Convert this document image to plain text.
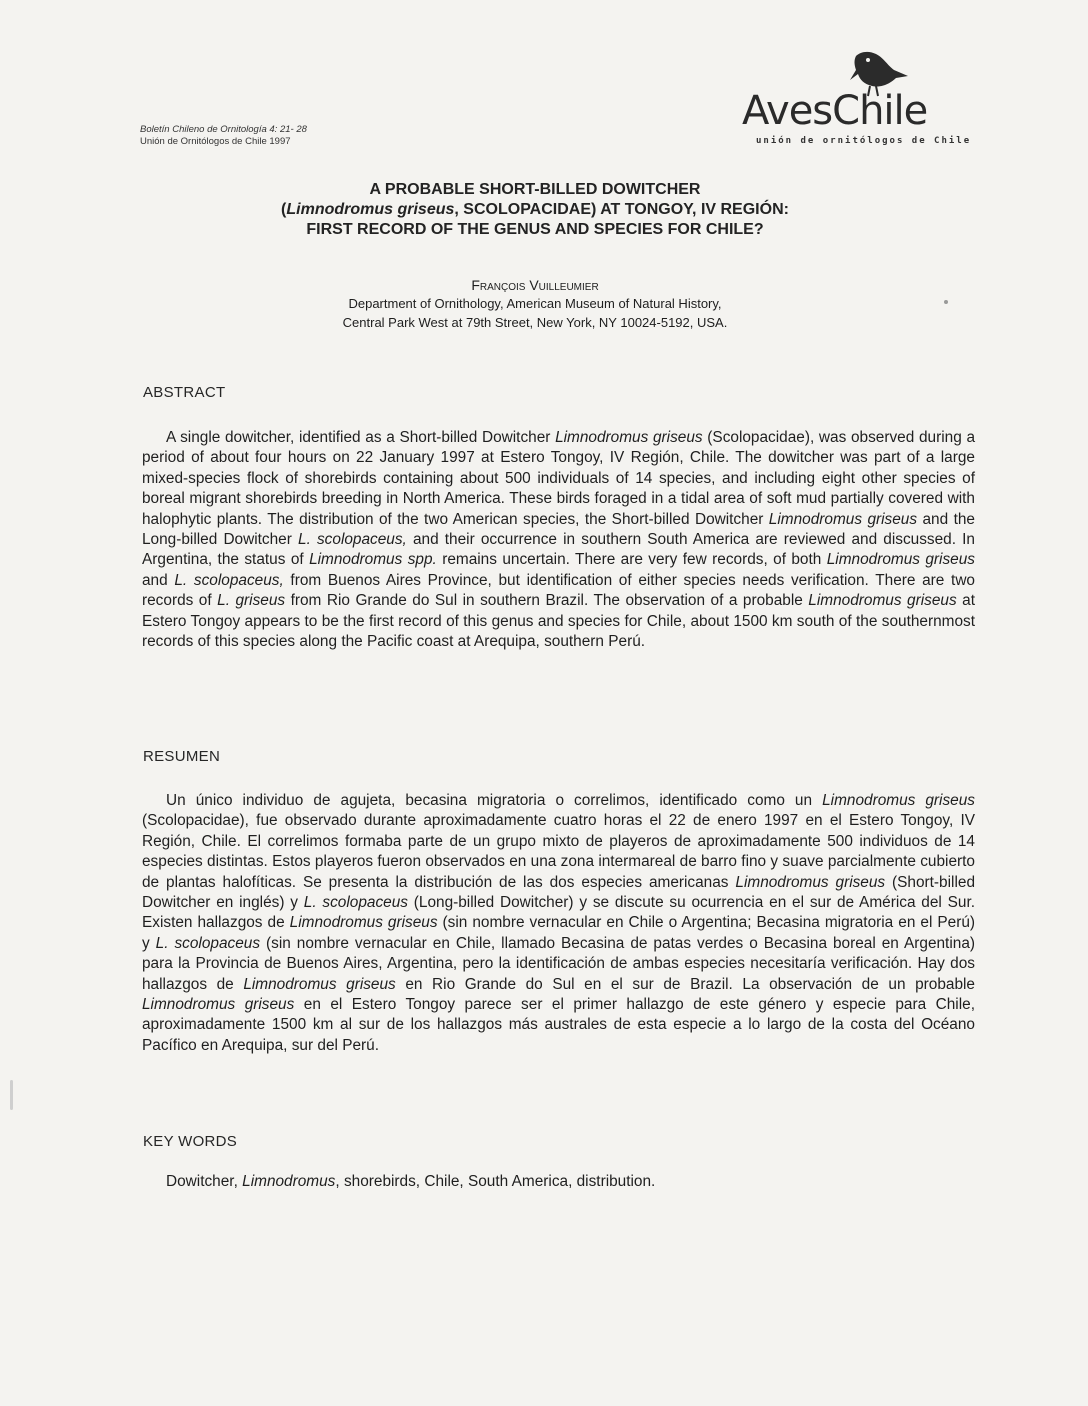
Boletín Chileno de Ornitología 4: 21- 28
Unión de Ornitólogos de Chile 1997
AvesChile
unión de ornitólogos de Chile
A PROBABLE SHORT-BILLED DOWITCHER
(Limnodromus griseus, SCOLOPACIDAE) AT TONGOY, IV REGIÓN:
FIRST RECORD OF THE GENUS AND SPECIES FOR CHILE?
François Vuilleumier
Department of Ornithology, American Museum of Natural History,
Central Park West at 79th Street, New York, NY 10024-5192, USA.
ABSTRACT
A single dowitcher, identified as a Short-billed Dowitcher Limnodromus griseus (Scolopacidae), was observed during a period of about four hours on 22 January 1997 at Estero Tongoy, IV Región, Chile. The dowitcher was part of a large mixed-species flock of shorebirds containing about 500 individuals of 14 species, and including eight other species of boreal migrant shorebirds breeding in North America. These birds foraged in a tidal area of soft mud partially covered with halophytic plants. The distribution of the two American species, the Short-billed Dowitcher Limnodromus griseus and the Long-billed Dowitcher L. scolopaceus, and their occurrence in southern South America are reviewed and discussed. In Argentina, the status of Limnodromus spp. remains uncertain. There are very few records, of both Limnodromus griseus and L. scolopaceus, from Buenos Aires Province, but identification of either species needs verification. There are two records of L. griseus from Rio Grande do Sul in southern Brazil. The observation of a probable Limnodromus griseus at Estero Tongoy appears to be the first record of this genus and species for Chile, about 1500 km south of the southernmost records of this species along the Pacific coast at Arequipa, southern Perú.
RESUMEN
Un único individuo de agujeta, becasina migratoria o correlimos, identificado como un Limnodromus griseus (Scolopacidae), fue observado durante aproximadamente cuatro horas el 22 de enero 1997 en el Estero Tongoy, IV Región, Chile. El correlimos formaba parte de un grupo mixto de playeros de aproximadamente 500 individuos de 14 especies distintas. Estos playeros fueron observados en una zona intermareal de barro fino y suave parcialmente cubierto de plantas halofíticas. Se presenta la distribución de las dos especies americanas Limnodromus griseus (Short-billed Dowitcher en inglés) y L. scolopaceus (Long-billed Dowitcher) y se discute su ocurrencia en el sur de América del Sur. Existen hallazgos de Limnodromus griseus (sin nombre vernacular en Chile o Argentina; Becasina migratoria en el Perú) y L. scolopaceus (sin nombre vernacular en Chile, llamado Becasina de patas verdes o Becasina boreal en Argentina) para la Provincia de Buenos Aires, Argentina, pero la identificación de ambas especies necesitaría verificación. Hay dos hallazgos de Limnodromus griseus en Rio Grande do Sul en el sur de Brazil. La observación de un probable Limnodromus griseus en el Estero Tongoy parece ser el primer hallazgo de este género y especie para Chile, aproximadamente 1500 km al sur de los hallazgos más australes de esta especie a lo largo de la costa del Océano Pacífico en Arequipa, sur del Perú.
KEY WORDS
Dowitcher, Limnodromus, shorebirds, Chile, South America, distribution.
